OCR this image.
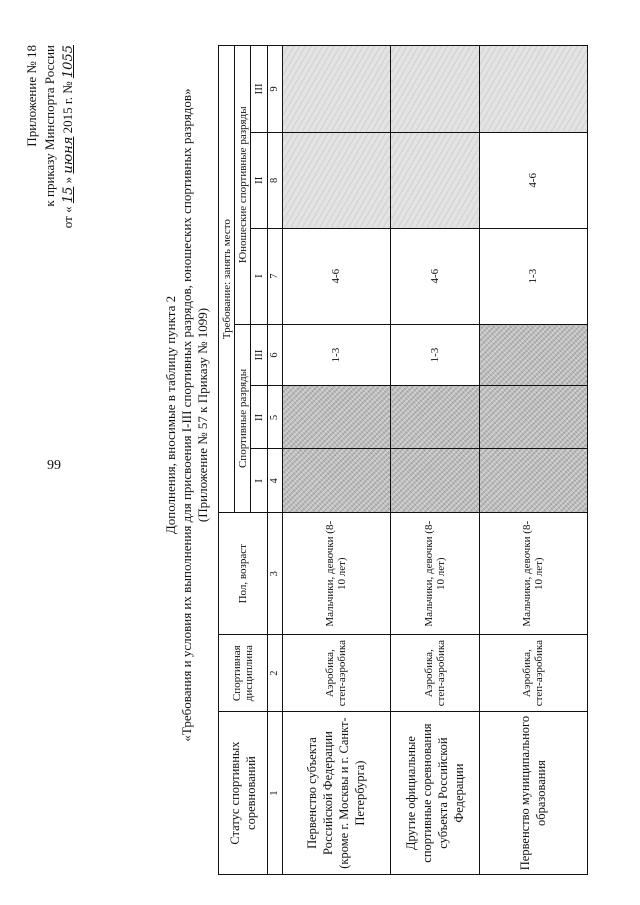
99
Приложение № 18 к приказу Минспорта России
от « 15 » июня 2015 г. № 1055
Дополнения, вносимые в таблицу пункта 2 «Требования и условия их выполнения для присвоения I-III спортивных разрядов, юношеских спортивных разрядов» (Приложение № 57 к Приказу № 1099)
Статус спортивных соревнований	Спортивная дисциплина	Пол, возраст	Требование: занять место					
			Спортивные разряды			Юношеские спортивные разряды		
			I	II	III	I	II	III
1	2	3	4	5	6	7	8	9
Первенство субъекта Российской Федерации (кроме г. Москвы и г. Санкт-Петербурга)	Аэробика, степ-аэробика	Мальчики, девочки (8-10 лет)			1-3	4-6		
Другие официальные спортивные соревнования субъекта Российской Федерации	Аэробика, степ-аэробика	Мальчики, девочки (8-10 лет)			1-3	4-6		
Первенство муниципального образования	Аэробика, степ-аэробика	Мальчики, девочки (8-10 лет)				1-3	4-6	
